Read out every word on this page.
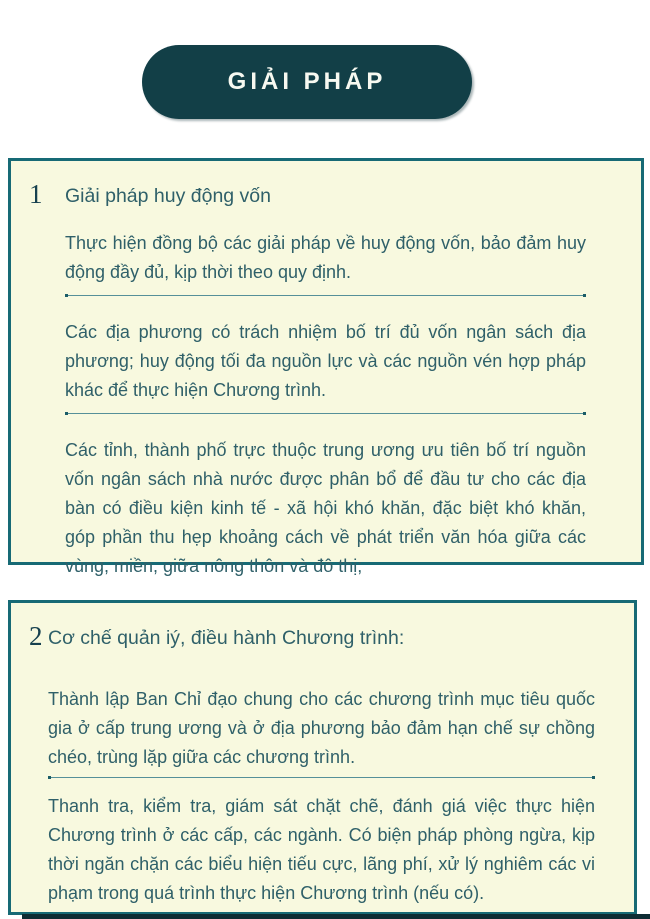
GIẢI PHÁP
1 Giải pháp huy động vốn

Thực hiện đồng bộ các giải pháp về huy động vốn, bảo đảm huy động đầy đủ, kịp thời theo quy định.

Các địa phương có trách nhiệm bố trí đủ vốn ngân sách địa phương; huy động tối đa nguồn lực và các nguồn vén hợp pháp khác để thực hiện Chương trình.

Các tỉnh, thành phố trực thuộc trung ương ưu tiên bố trí nguồn vốn ngân sách nhà nước được phân bổ để đầu tư cho các địa bàn có điều kiện kinh tế - xã hội khó khăn, đặc biệt khó khăn, góp phần thu hẹp khoảng cách về phát triển văn hóa giữa các vùng, miền, giữa nông thôn và đô thị;

2 Cơ chế quản iý, điều hành Chương trình:

Thành lập Ban Chỉ đạo chung cho các chương trình mục tiêu quốc gia ở cấp trung ương và ở địa phương bảo đảm hạn chế sự chồng chéo, trùng lặp giữa các chương trình.

Thanh tra, kiểm tra, giám sát chặt chẽ, đánh giá việc thực hiện Chương trình ở các cấp, các ngành. Có biện pháp phòng ngừa, kịp thời ngăn chặn các biểu hiện tiếu cực, lãng phí, xử lý nghiêm các vi phạm trong quá trình thực hiện Chương trình (nếu có).
